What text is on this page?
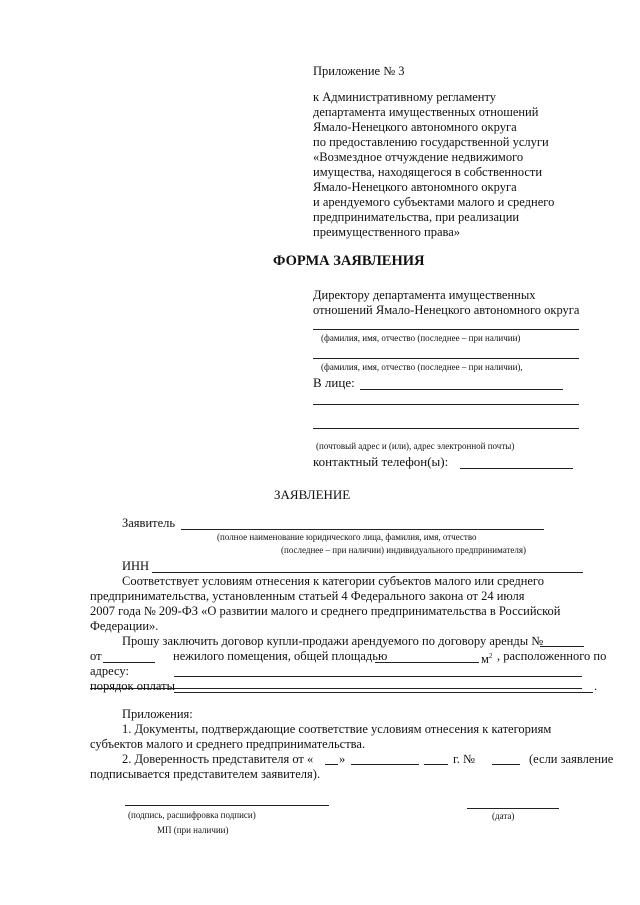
Приложение № 3
к Административному регламенту
департамента имущественных отношений
Ямало-Ненецкого автономного округа
по предоставлению государственной услуги
«Возмездное отчуждение недвижимого
имущества, находящегося в собственности
Ямало-Ненецкого автономного округа
и арендуемого субъектами малого и среднего
предпринимательства, при реализации
преимущественного права»
ФОРМА ЗАЯВЛЕНИЯ
Директору департамента имущественных
отношений Ямало-Ненецкого автономного округа
(фамилия, имя, отчество (последнее – при наличии)
(фамилия, имя, отчество (последнее – при наличии),
В лице:
(почтовый адрес и (или), адрес электронной почты)
контактный телефон(ы):
ЗАЯВЛЕНИЕ
Заявитель
(полное наименование юридического лица, фамилия, имя, отчество
(последнее – при наличии) индивидуального предпринимателя)
ИНН
Соответствует условиям отнесения к категории субъектов малого или среднего
предпринимательства, установленным статьей 4 Федерального закона от 24 июля
2007 года № 209-ФЗ «О развитии малого и среднего предпринимательства в Российской
Федерации».
Прошу заключить договор купли-продажи арендуемого по договору аренды №
от	нежилого помещения, общей площадью	$м^2$ , расположенного по
адресу:
порядок оплаты	.
Приложения:
1. Документы, подтверждающие соответствие условиям отнесения к категориям
субъектов малого и среднего предпринимательства.
2. Доверенность представителя от « »	г. №	(если заявление
подписывается представителем заявителя).
(подпись, расшифровка подписи)	(дата)
МП (при наличии)
